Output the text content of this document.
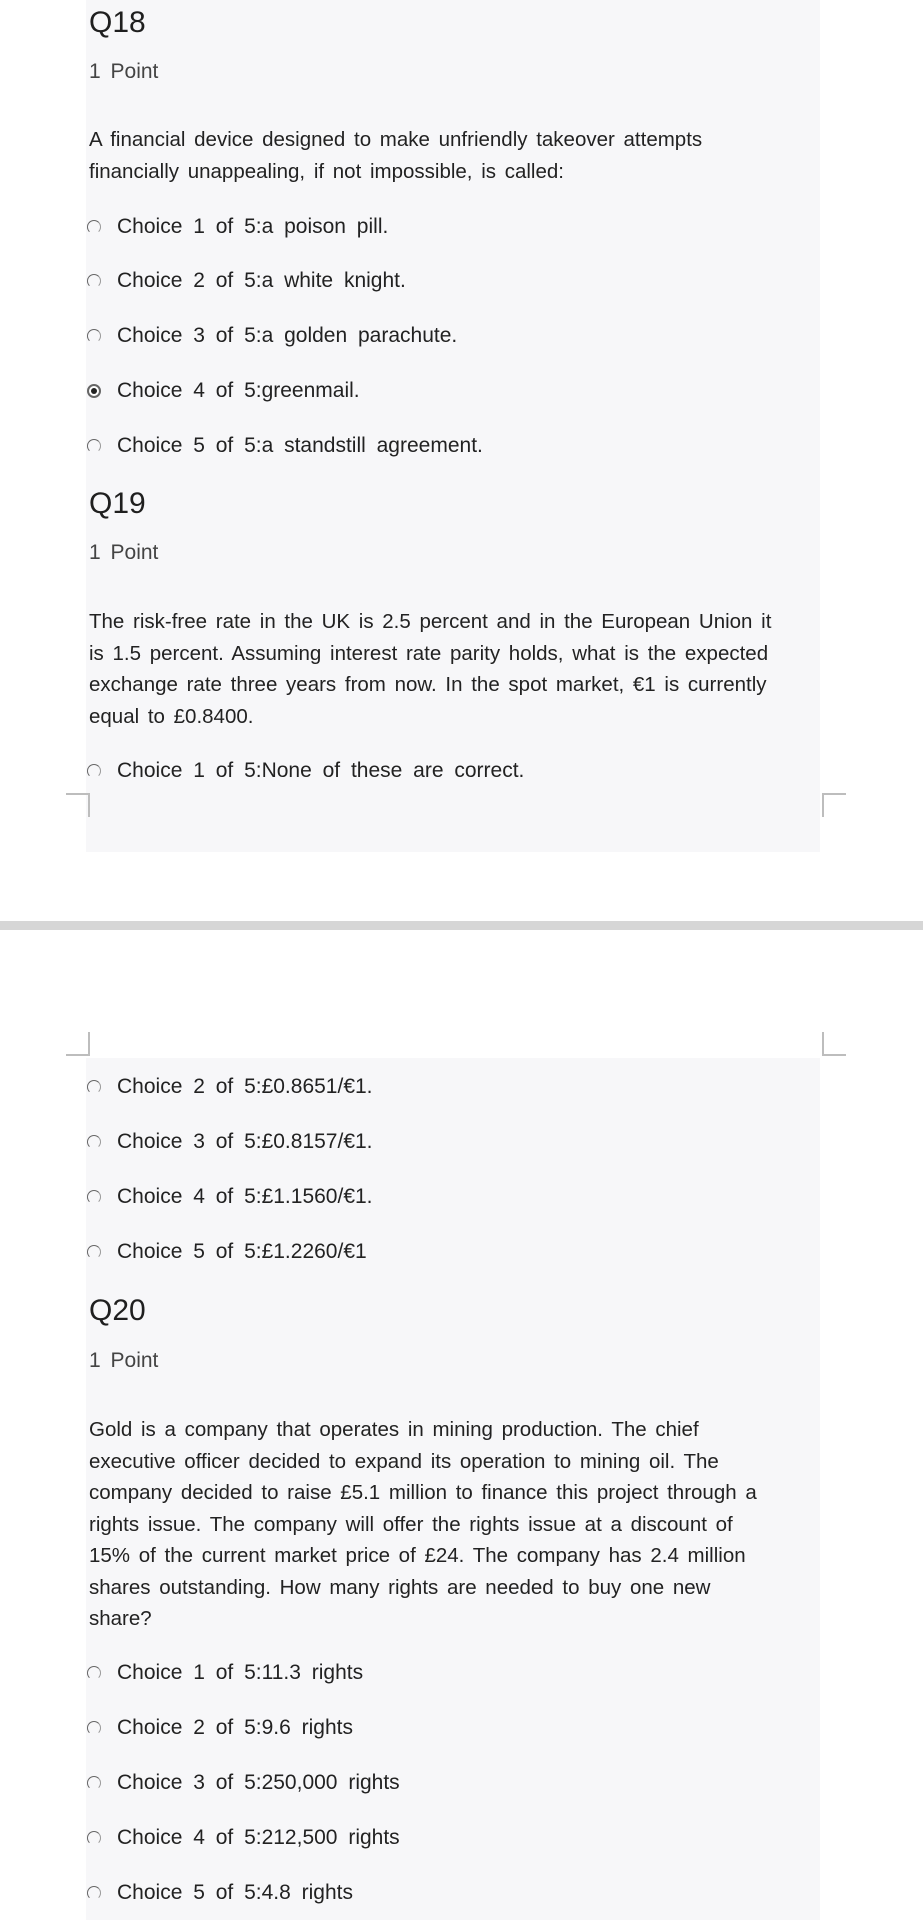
Q18
1 Point
A financial device designed to make unfriendly takeover attempts
financially unappealing, if not impossible, is called:
Choice 1 of 5:a poison pill.
Choice 2 of 5:a white knight.
Choice 3 of 5:a golden parachute.
Choice 4 of 5:greenmail.
Choice 5 of 5:a standstill agreement.
Q19
1 Point
The risk-free rate in the UK is 2.5 percent and in the European Union it
is 1.5 percent. Assuming interest rate parity holds, what is the expected
exchange rate three years from now. In the spot market, €1 is currently
equal to £0.8400.
Choice 1 of 5:None of these are correct.
Choice 2 of 5:£0.8651/€1.
Choice 3 of 5:£0.8157/€1.
Choice 4 of 5:£1.1560/€1.
Choice 5 of 5:£1.2260/€1
Q20
1 Point
Gold is a company that operates in mining production. The chief
executive officer decided to expand its operation to mining oil. The
company decided to raise £5.1 million to finance this project through a
rights issue. The company will offer the rights issue at a discount of
15% of the current market price of £24. The company has 2.4 million
shares outstanding. How many rights are needed to buy one new
share?
Choice 1 of 5:11.3 rights
Choice 2 of 5:9.6 rights
Choice 3 of 5:250,000 rights
Choice 4 of 5:212,500 rights
Choice 5 of 5:4.8 rights
